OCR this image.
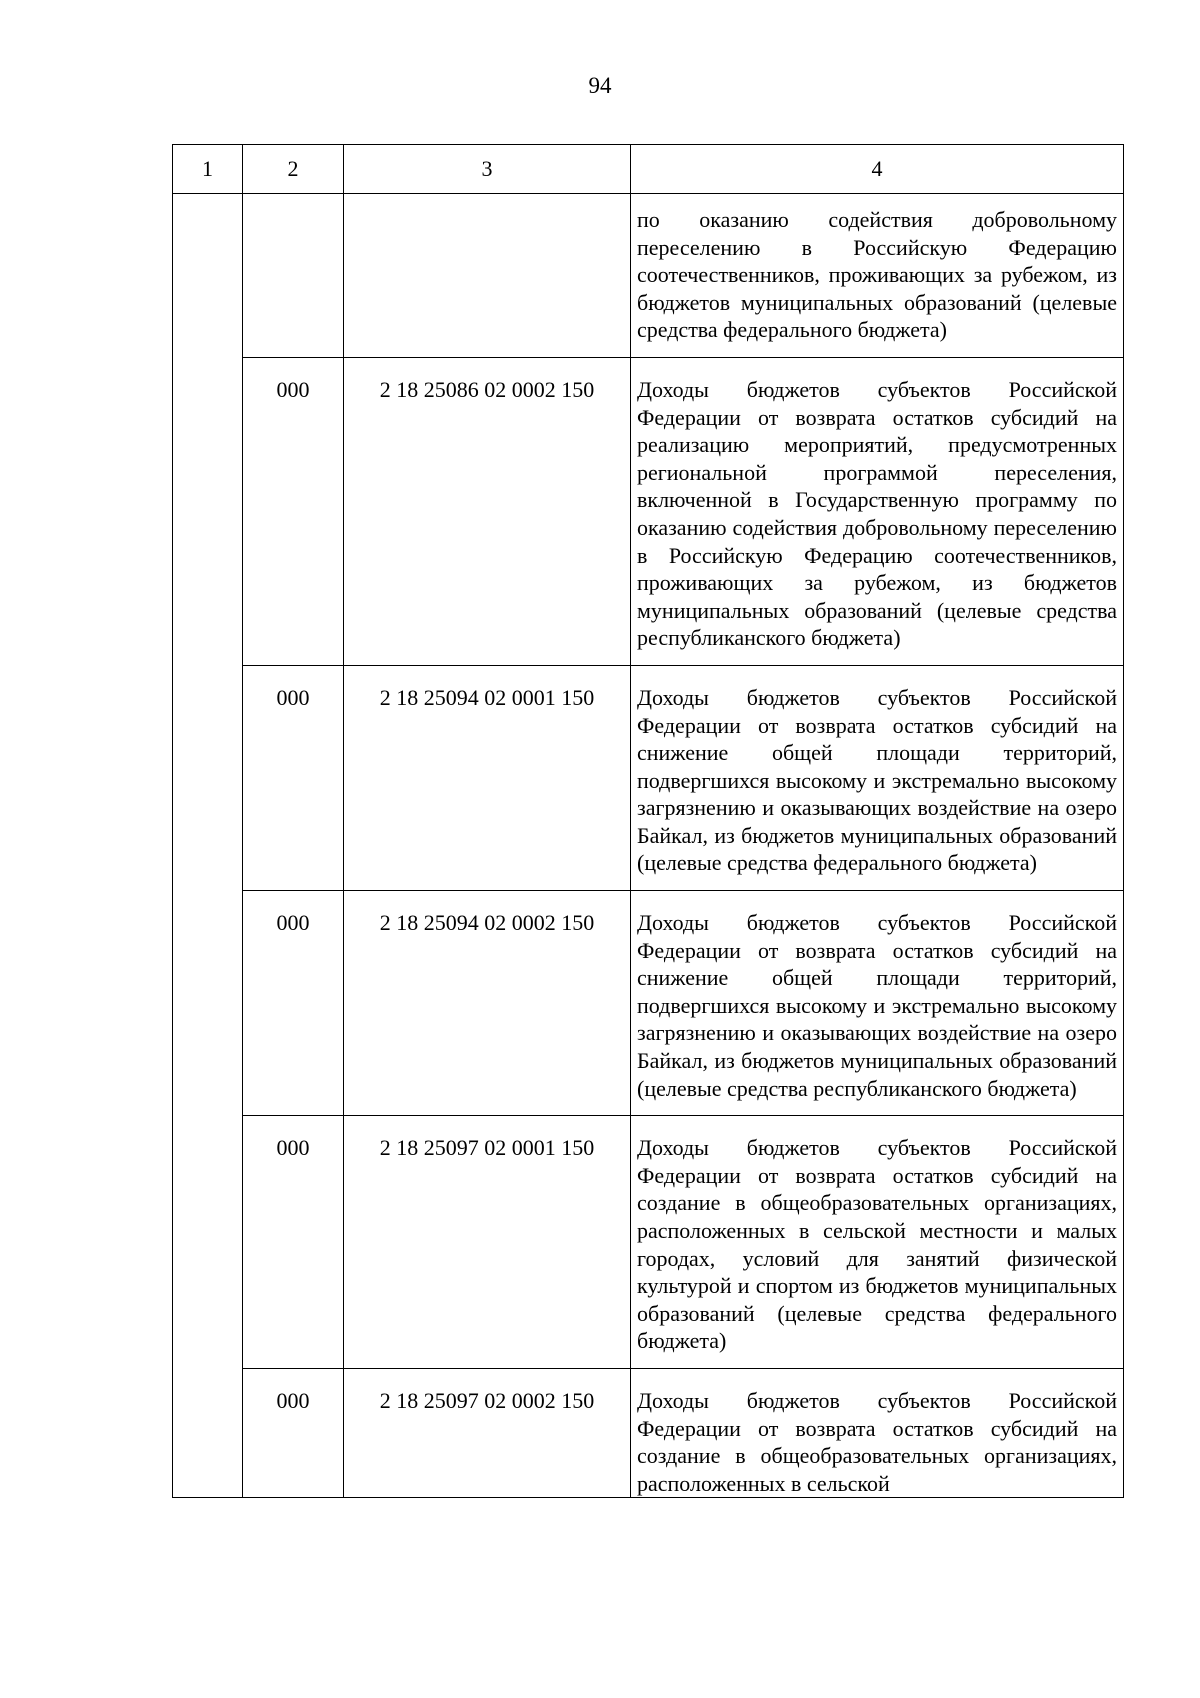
94
1	2	3	4
			по оказанию содействия добровольному переселению в Российскую Федерацию соотечественников, проживающих за рубежом, из бюджетов муниципальных образований (целевые средства федерального бюджета)
	000	2 18 25086 02 0002 150	Доходы бюджетов субъектов Российской Федерации от возврата остатков субсидий на реализацию мероприятий, предусмотренных региональной программой переселения, включенной в Государственную программу по оказанию содействия добровольному переселению в Российскую Федерацию соотечественников, проживающих за рубежом, из бюджетов муниципальных образований (целевые средства республиканского бюджета)
	000	2 18 25094 02 0001 150	Доходы бюджетов субъектов Российской Федерации от возврата остатков субсидий на снижение общей площади территорий, подвергшихся высокому и экстремально высокому загрязнению и оказывающих воздействие на озеро Байкал, из бюджетов муниципальных образований (целевые средства федерального бюджета)
	000	2 18 25094 02 0002 150	Доходы бюджетов субъектов Российской Федерации от возврата остатков субсидий на снижение общей площади территорий, подвергшихся высокому и экстремально высокому загрязнению и оказывающих воздействие на озеро Байкал, из бюджетов муниципальных образований (целевые средства республиканского бюджета)
	000	2 18 25097 02 0001 150	Доходы бюджетов субъектов Российской Федерации от возврата остатков субсидий на создание в общеобразовательных организациях, расположенных в сельской местности и малых городах, условий для занятий физической культурой и спортом из бюджетов муниципальных образований (целевые средства федерального бюджета)
	000	2 18 25097 02 0002 150	Доходы бюджетов субъектов Российской Федерации от возврата остатков субсидий на создание в общеобразовательных организациях, расположенных в сельской
